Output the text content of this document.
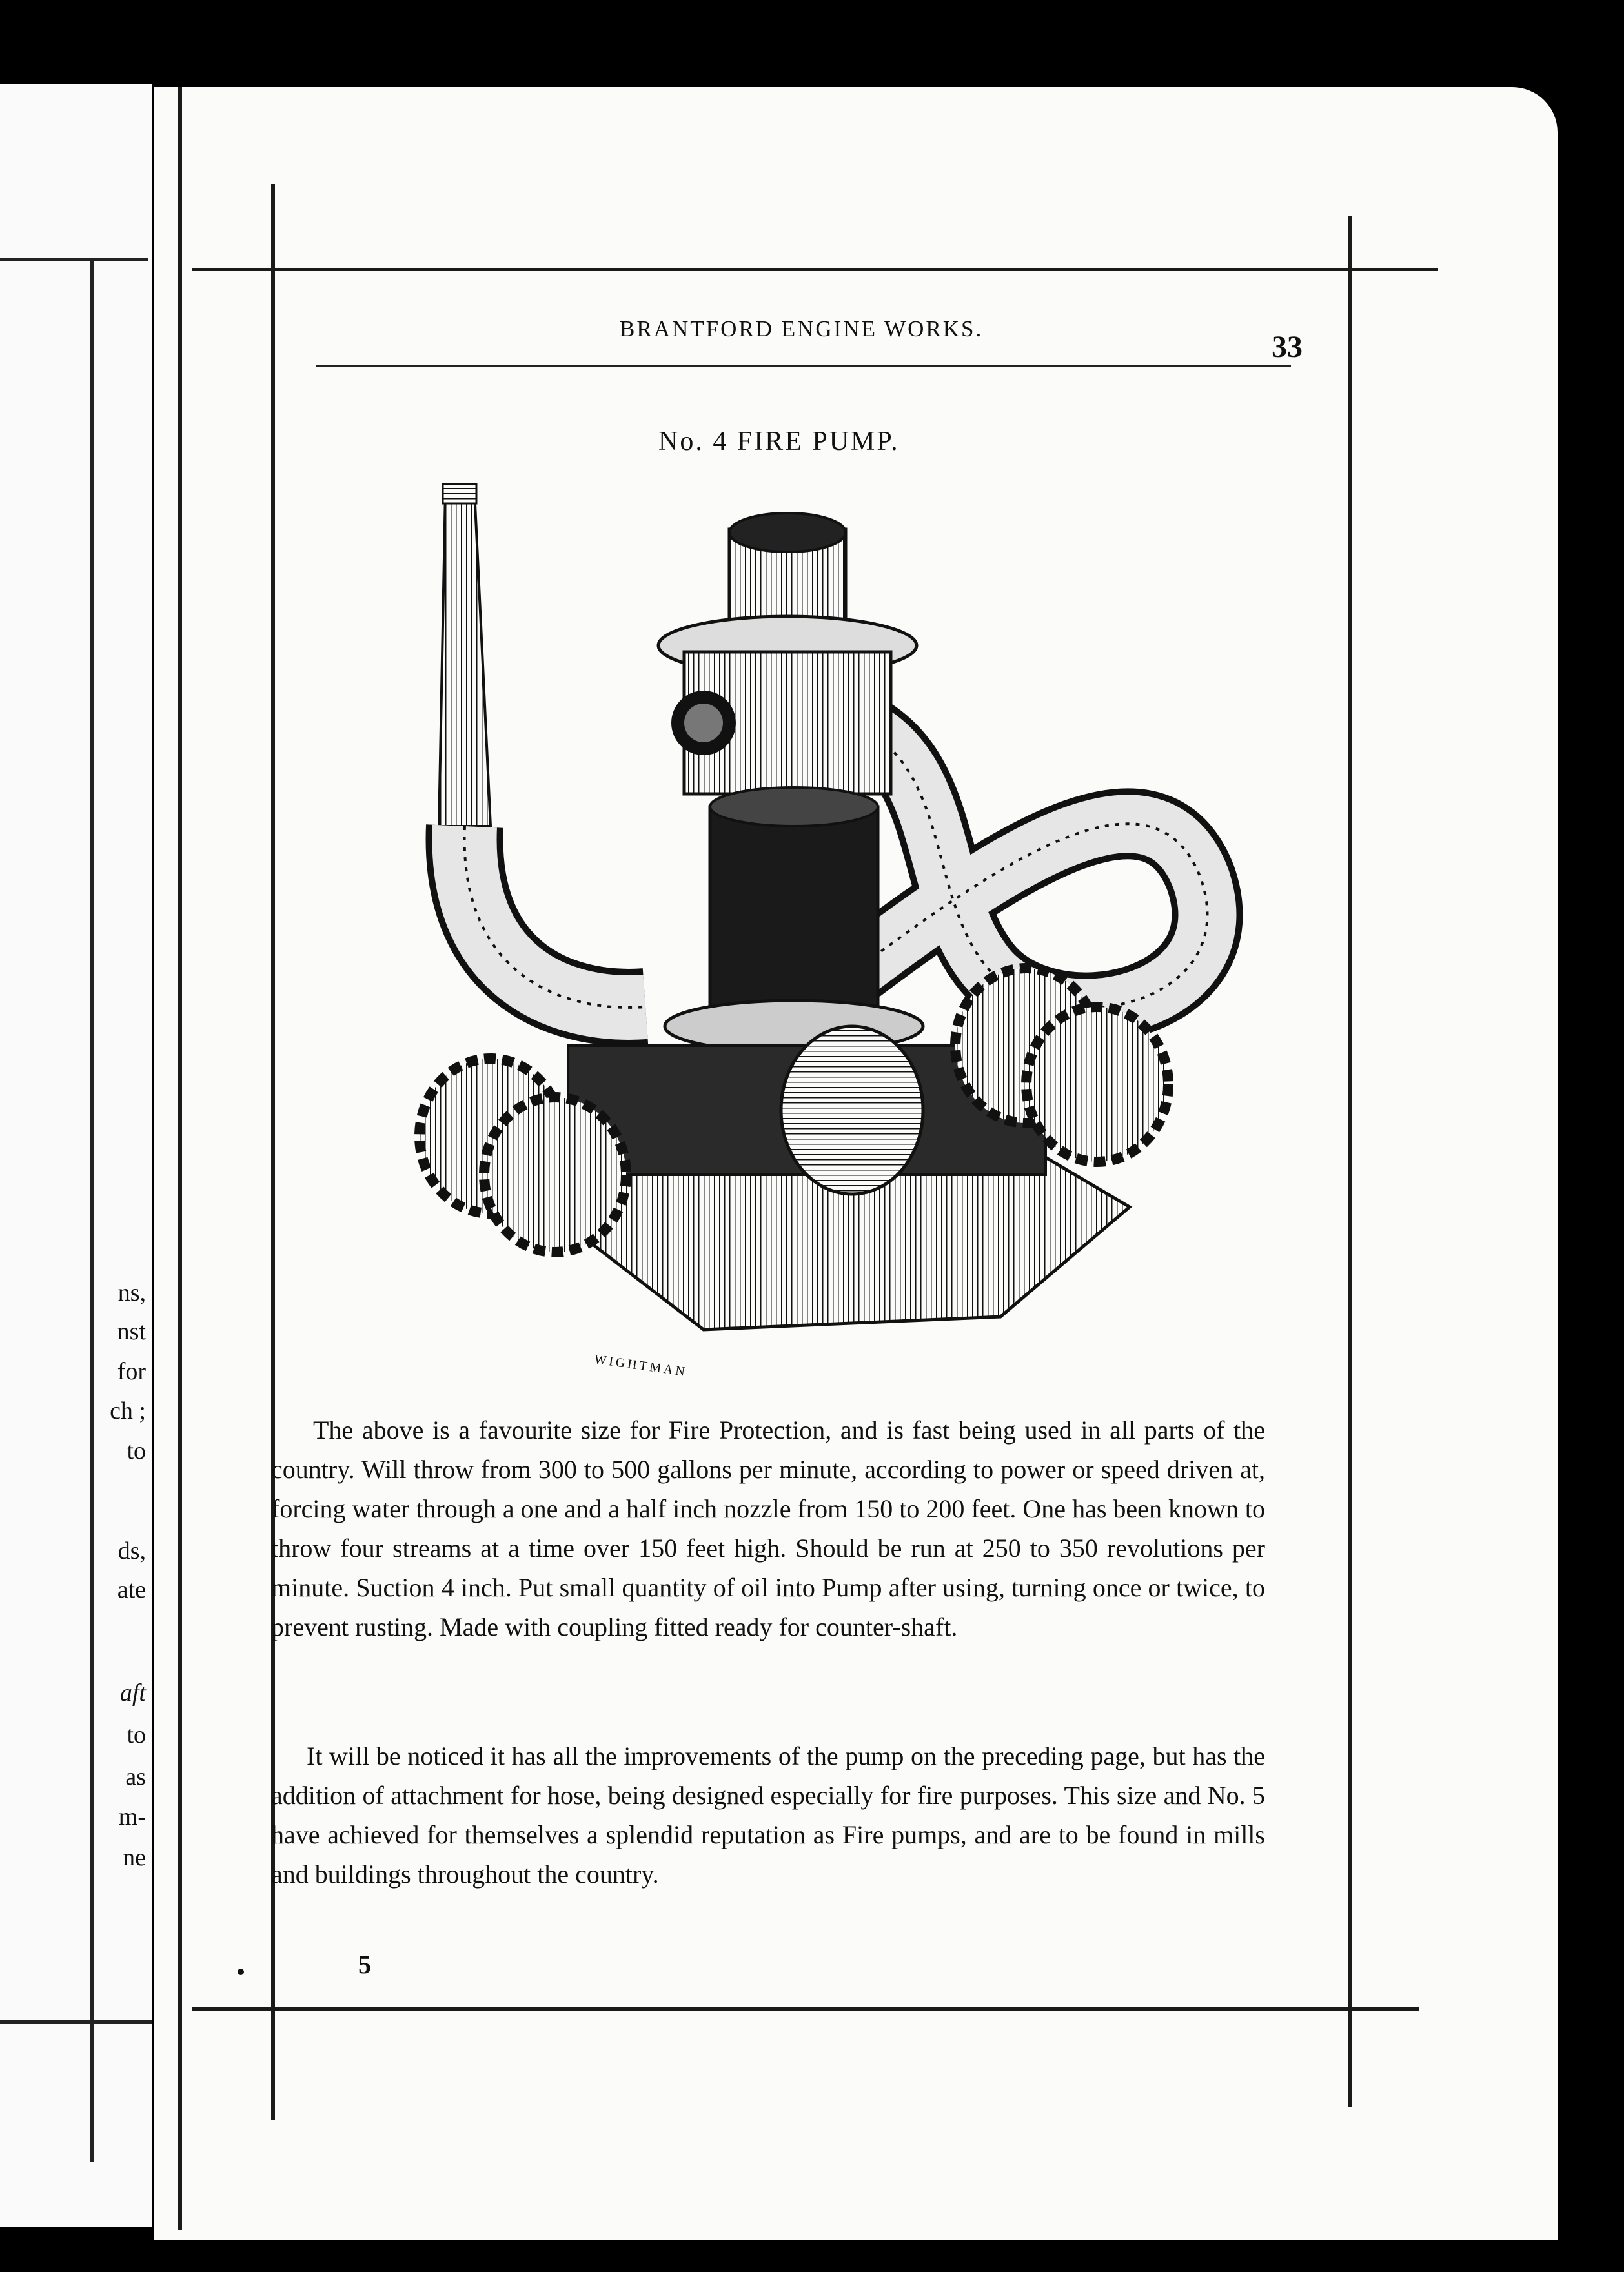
ns,
nst
for
ch ;
to
ds,
ate
aft
to
as
m-
ne
BRANTFORD ENGINE WORKS.
33
No. 4 FIRE PUMP.
WIGHTMAN
The above is a favourite size for Fire Protection, and is fast being used in all parts of the country. Will throw from 300 to 500 gallons per minute, according to power or speed driven at, forcing water through a one and a half inch nozzle from 150 to 200 feet. One has been known to throw four streams at a time over 150 feet high. Should be run at 250 to 350 revolutions per minute. Suction 4 inch. Put small quantity of oil into Pump after using, turning once or twice, to prevent rusting. Made with coupling fitted ready for counter-shaft.
It will be noticed it has all the improvements of the pump on the preceding page, but has the addition of attachment for hose, being designed especially for fire purposes. This size and No. 5 have achieved for themselves a splendid reputation as Fire pumps, and are to be found in mills and buildings throughout the country.
5
